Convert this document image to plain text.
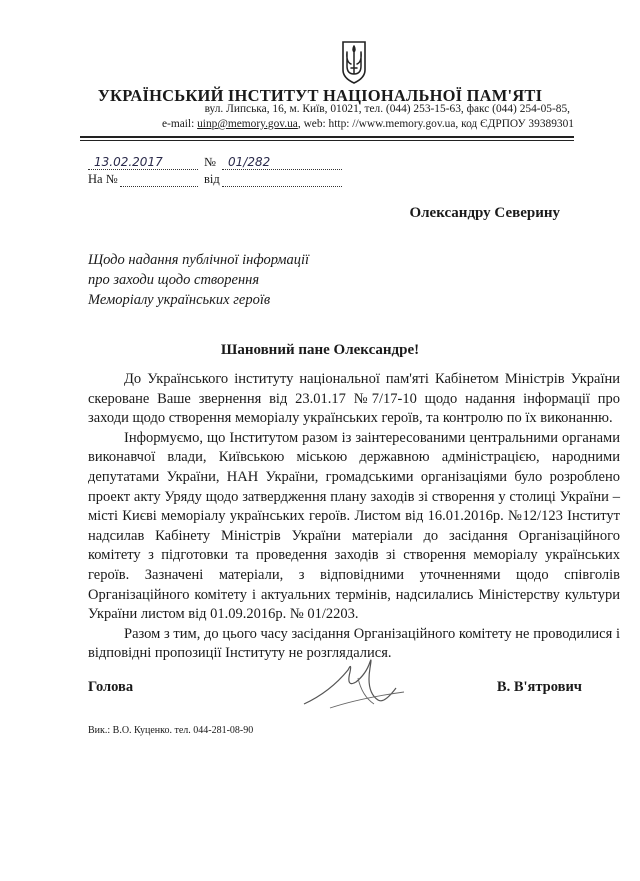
УКРАЇНСЬКИЙ ІНСТИТУТ НАЦІОНАЛЬНОЇ ПАМ'ЯТІ
вул. Липська, 16, м. Київ, 01021, тел. (044) 253-15-63, факс (044) 254-05-85,
e-mail: uinp@memory.gov.ua, web: http: //www.memory.gov.ua, код ЄДРПОУ 39389301
13.02.2017	№ 01/282
На №	від
Олександру Северину
Щодо надання публічної інформації
про заходи щодо створення
Меморіалу українських героїв
Шановний пане Олександре!

До Українського інституту національної пам'яті Кабінетом Міністрів України скероване Ваше звернення від 23.01.17 №7/17-10 щодо надання інформації про заходи щодо створення меморіалу українських героїв, та контролю по їх виконанню.

Інформуємо, що Інститутом разом із заінтересованими центральними органами виконавчої влади, Київською міською державною адміністрацією, народними депутатами України, НАН України, громадськими організаціями було розроблено проект акту Уряду щодо затвердження плану заходів зі створення у столиці України – місті Києві меморіалу українських героїв. Листом від 16.01.2016р. №12/123 Інститут надсилав Кабінету Міністрів України матеріали до засідання Організаційного комітету з підготовки та проведення заходів зі створення меморіалу українських героїв. Зазначені матеріали, з відповідними уточненнями щодо співголів Організаційного комітету і актуальних термінів, надсилались Міністерству культури України листом від 01.09.2016р. № 01/2203.

Разом з тим, до цього часу засідання Організаційного комітету не проводилися і відповідні пропозиції Інституту не розглядалися.

Голова	В. В'ятрович
Вик.: В.О. Куценко. тел. 044-281-08-90
